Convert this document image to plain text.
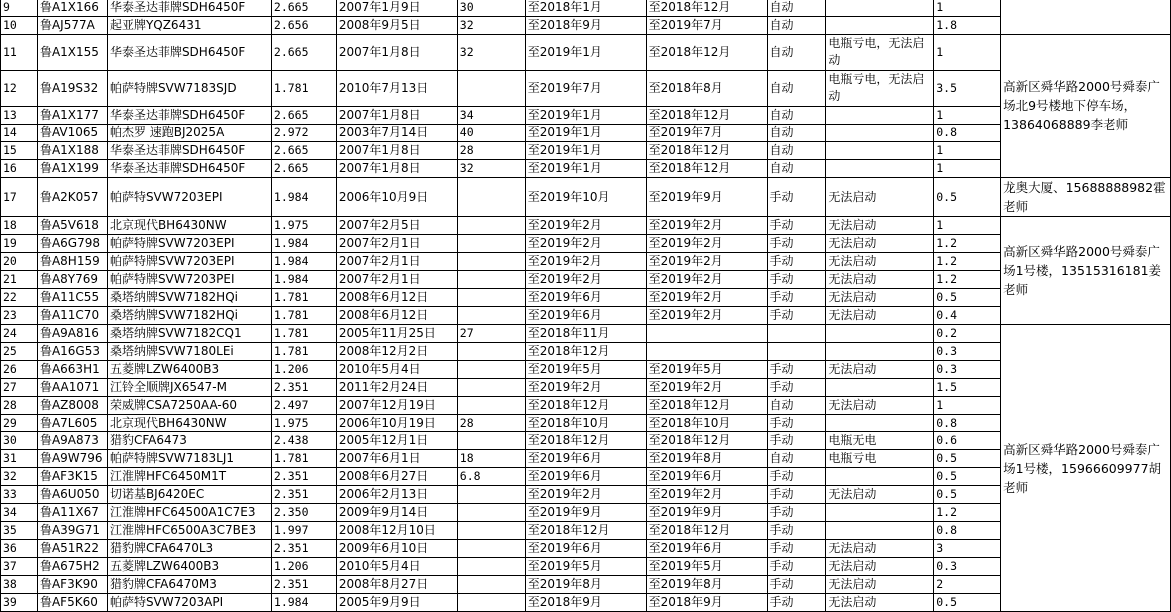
9	鲁A1X166	华泰圣达菲牌SDH6450F	2.665	2007年1月9日	30	至2018年1月	至2018年12月	自动		1	
10	鲁AJ577A	起亚牌YQZ6431	2.656	2008年9月5日	32	至2018年9月	至2019年7月	自动		1.8	
11	鲁A1X155	华泰圣达菲牌SDH6450F	2.665	2007年1月8日	32	至2019年1月	至2018年12月	自动	电瓶亏电，无法启动	1	高新区舜华路2000号舜泰广场北9号楼地下停车场，13864068889李老师
12	鲁A19S32	帕萨特牌SVW7183SJD	1.781	2010年7月13日		至2019年7月	至2018年8月	自动	电瓶亏电，无法启动	3.5	
13	鲁A1X177	华泰圣达菲牌SDH6450F	2.665	2007年1月8日	34	至2019年1月	至2018年12月	自动		1	
14	鲁AV1065	帕杰罗 速跑BJ2025A	2.972	2003年7月14日	40	至2019年1月	至2019年7月	自动		0.8	
15	鲁A1X188	华泰圣达菲牌SDH6450F	2.665	2007年1月8日	28	至2019年1月	至2018年12月	自动		1	
16	鲁A1X199	华泰圣达菲牌SDH6450F	2.665	2007年1月8日	32	至2019年1月	至2018年12月	自动		1	
17	鲁A2K057	帕萨特SVW7203EPI	1.984	2006年10月9日		至2019年10月	至2019年9月	手动	无法启动	0.5	龙奥大厦、15688888982霍老师
18	鲁A5V618	北京现代BH6430NW	1.975	2007年2月5日		至2019年2月	至2019年2月	手动	无法启动	1	高新区舜华路2000号舜泰广场1号楼，13515316181姜老师
19	鲁A6G798	帕萨特牌SVW7203EPI	1.984	2007年2月1日		至2019年2月	至2019年2月	手动	无法启动	1.2	
20	鲁A8H159	帕萨特牌SVW7203EPI	1.984	2007年2月1日		至2019年2月	至2019年2月	手动	无法启动	1.2	
21	鲁A8Y769	帕萨特牌SVW7203PEI	1.984	2007年2月1日		至2019年2月	至2019年2月	手动	无法启动	1.2	
22	鲁A11C55	桑塔纳牌SVW7182HQi	1.781	2008年6月12日		至2019年6月	至2019年2月	手动	无法启动	0.5	
23	鲁A11C70	桑塔纳牌SVW7182HQi	1.781	2008年6月12日		至2019年6月	至2019年2月	手动	无法启动	0.4	
24	鲁A9A816	桑塔纳牌SVW7182CQ1	1.781	2005年11月25日	27	至2018年11月				0.2	高新区舜华路2000号舜泰广场1号楼，15966609977胡老师
25	鲁A16G53	桑塔纳牌SVW7180LEi	1.781	2008年12月2日		至2018年12月				0.3	
26	鲁A663H1	五菱牌LZW6400B3	1.206	2010年5月4日		至2019年5月	至2019年5月	手动	无法启动	0.3	
27	鲁AA1071	江铃全顺牌JX6547-M	2.351	2011年2月24日		至2019年2月	至2019年2月	手动		1.5	
28	鲁AZ8008	荣威牌CSA7250AA-60	2.497	2007年12月19日		至2018年12月	至2018年12月	自动	无法启动	1	
29	鲁A7L605	北京现代BH6430NW	1.975	2006年10月19日	28	至2018年10月	至2018年10月	手动		0.8	
30	鲁A9A873	猎豹CFA6473	2.438	2005年12月1日		至2018年12月	至2018年12月	手动	电瓶无电	0.6	
31	鲁A9W796	帕萨特牌SVW7183LJ1	1.781	2007年6月1日	18	至2019年6月	至2019年8月	自动	电瓶亏电	0.5	
32	鲁AF3K15	江淮牌HFC6450M1T	2.351	2008年6月27日	6.8	至2019年6月	至2019年6月	手动		0.5	
33	鲁A6U050	切诺基BJ6420EC	2.351	2006年2月13日		至2019年2月	至2019年2月	手动	无法启动	0.5	
34	鲁A11X67	江淮牌HFC64500A1C7E3	2.350	2009年9月14日		至2019年9月	至2019年9月	手动		1.2	
35	鲁A39G71	江淮牌HFC6500A3C7BE3	1.997	2008年12月10日		至2018年12月	至2018年12月	手动		0.8	
36	鲁A51R22	猎豹牌CFA6470L3	2.351	2009年6月10日		至2019年6月	至2019年6月	手动	无法启动	3	
37	鲁A675H2	五菱牌LZW6400B3	1.206	2010年5月4日		至2019年5月	至2019年5月	手动	无法启动	0.3	
38	鲁AF3K90	猎豹牌CFA6470M3	2.351	2008年8月27日		至2019年8月	至2019年8月	手动	无法启动	2	
39	鲁AF5K60	帕萨特SVW7203API	1.984	2005年9月9日		至2018年9月	至2018年9月	手动	无法启动	0.5	
